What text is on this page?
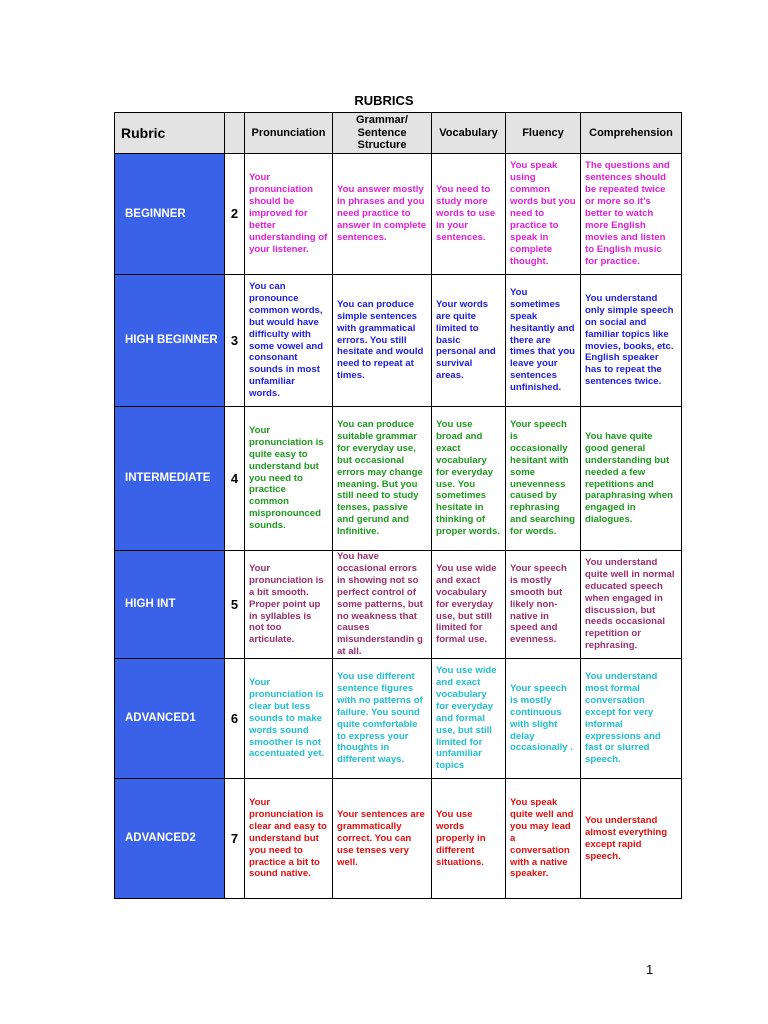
RUBRICS
Rubric		Pronunciation	Grammar/ Sentence Structure	Vocabulary	Fluency	Comprehension
BEGINNER	2	Your pronunciation should be improved for better understanding of your listener.	You answer mostly in phrases and you need practice to answer in complete sentences.	You need to study more words to use in your sentences.	You speak using common words but you need to practice to speak in complete thought.	The questions and sentences should be repeated twice or more so it’s better to watch more English movies and listen to English music for practice.
HIGH BEGINNER	3	You can pronounce common words, but would have difficulty with some vowel and consonant sounds in most unfamiliar words.	You can produce simple sentences with grammatical errors. You still hesitate and would need to repeat at times.	Your words are quite limited to basic personal and survival areas.	You sometimes speak hesitantly and there are times that you leave your sentences unfinished.	You understand only simple speech on social and familiar topics like movies, books, etc. English speaker has to repeat the sentences twice.
INTERMEDIATE	4	Your pronunciation is quite easy to understand but you need to practice common mispronounced sounds.	You can produce suitable grammar for everyday use, but occasional errors may change meaning. But you still need to study tenses, passive and gerund and Infinitive.	You use broad and exact vocabulary for everyday use. You sometimes hesitate in thinking of proper words.	Your speech is occasionally hesitant with some unevenness caused by rephrasing and searching for words.	You have quite good general understanding but needed a few repetitions and paraphrasing when engaged in dialogues.
HIGH INT	5	Your pronunciation is a bit smooth. Proper point up in syllables is not too articulate.	You have occasional errors in showing not so perfect control of some patterns, but no weakness that causes misunderstandin g at all.	You use wide and exact vocabulary for everyday use, but still limited for formal use.	Your speech is mostly smooth but likely non-native in speed and evenness.	You understand quite well in normal educated speech when engaged in discussion, but needs occasional repetition or rephrasing.
ADVANCED1	6	Your pronunciation is clear but less sounds to make words sound smoother is not accentuated yet.	You use different sentence figures with no patterns of failure. You sound quite comfortable to express your thoughts in different ways.	You use wide and exact vocabulary for everyday and formal use, but still limited for unfamiliar topics	Your speech is mostly continuous with slight delay occasionally .	You understand most formal conversation except for very informal expressions and fast or slurred speech.
ADVANCED2	7	Your pronunciation is clear and easy to understand but you need to practice a bit to sound native.	Your sentences are grammatically correct. You can use tenses very well.	You use words properly in different situations.	You speak quite well and you may lead a conversation with a native speaker.	You understand almost everything except rapid speech.
1
